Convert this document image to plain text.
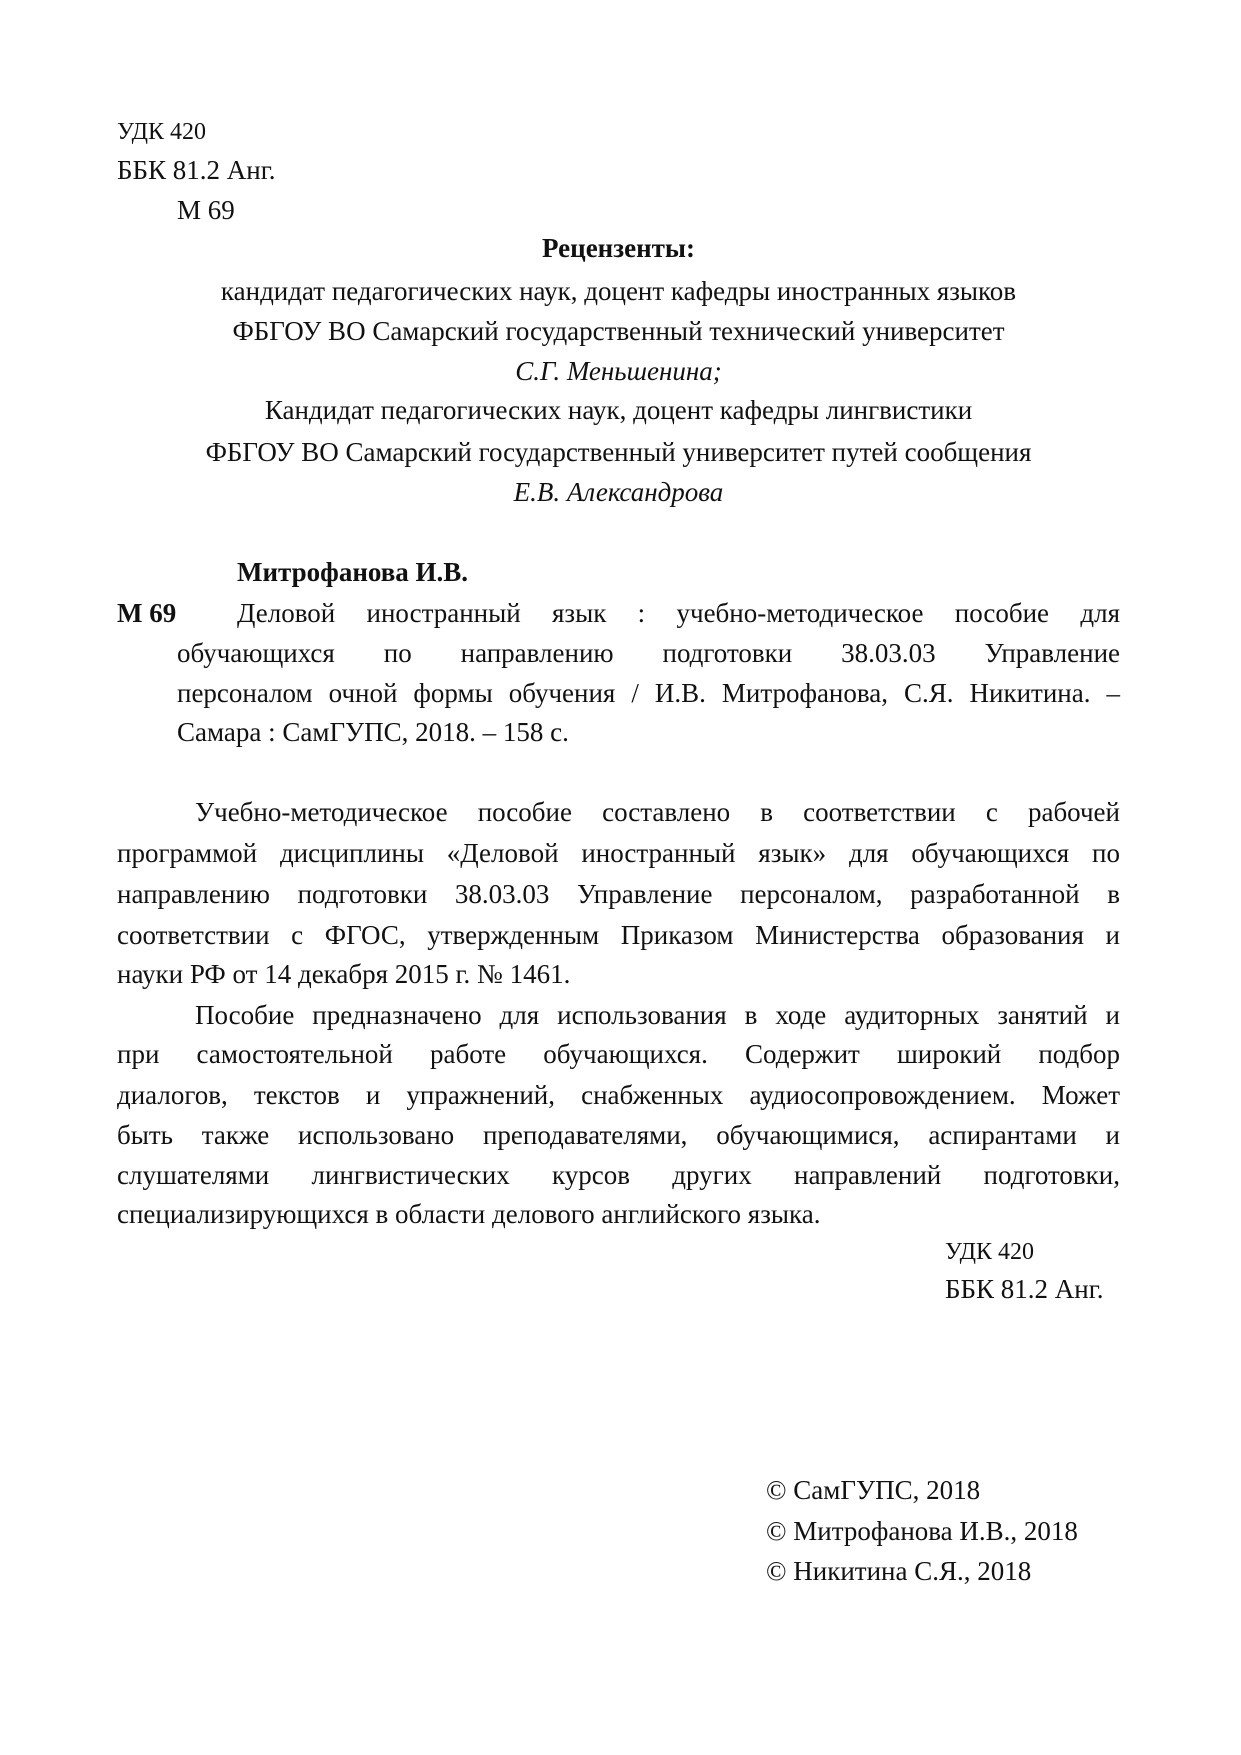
УДК 420
ББК 81.2 Анг.
М 69
Рецензенты:
кандидат педагогических наук, доцент кафедры иностранных языков
ФБГОУ ВО Самарский государственный технический университет
С.Г. Меньшенина;
Кандидат педагогических наук, доцент кафедры лингвистики
ФБГОУ ВО Самарский государственный университет путей сообщения
Е.В. Александрова
Митрофанова И.В.
М 69 Деловой иностранный язык : учебно-методическое пособие для
обучающихся по направлению подготовки 38.03.03 Управление
персоналом очной формы обучения / И.В. Митрофанова, С.Я. Никитина. –
Самара : СамГУПС, 2018. – 158 с.
Учебно-методическое пособие составлено в соответствии с рабочей
программой дисциплины «Деловой иностранный язык» для обучающихся по
направлению подготовки 38.03.03 Управление персоналом, разработанной в
соответствии с ФГОС, утвержденным Приказом Министерства образования и
науки РФ от 14 декабря 2015 г. № 1461.
Пособие предназначено для использования в ходе аудиторных занятий и
при самостоятельной работе обучающихся. Содержит широкий подбор
диалогов, текстов и упражнений, снабженных аудиосопровождением. Может
быть также использовано преподавателями, обучающимися, аспирантами и
слушателями лингвистических курсов других направлений подготовки,
специализирующихся в области делового английского языка.
УДК 420
ББК 81.2 Анг.
© СамГУПС, 2018
© Митрофанова И.В., 2018
© Никитина С.Я., 2018
